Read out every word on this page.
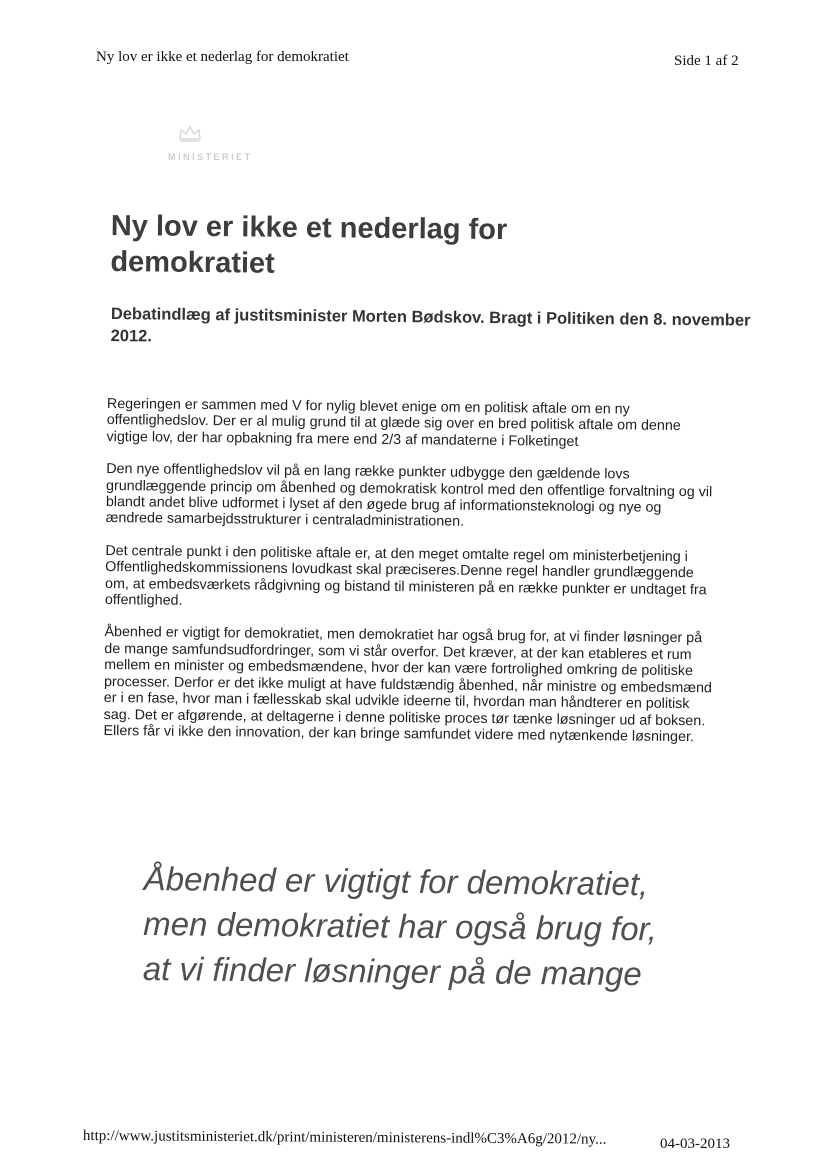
Ny lov er ikke et nederlag for demokratiet	Side 1 af 2
MINISTERIET
Ny lov er ikke et nederlag for demokratiet
Debatindlæg af justitsminister Morten Bødskov. Bragt i Politiken den 8. november 2012.

Regeringen er sammen med V for nylig blevet enige om en politisk aftale om en ny offentlighedslov. Der er al mulig grund til at glæde sig over en bred politisk aftale om denne vigtige lov, der har opbakning fra mere end 2/3 af mandaterne i Folketinget

Den nye offentlighedslov vil på en lang række punkter udbygge den gældende lovs grundlæggende princip om åbenhed og demokratisk kontrol med den offentlige forvaltning og vil blandt andet blive udformet i lyset af den øgede brug af informationsteknologi og nye og ændrede samarbejdsstrukturer i centraladministrationen.

Det centrale punkt i den politiske aftale er, at den meget omtalte regel om ministerbetjening i Offentlighedskommissionens lovudkast skal præciseres.Denne regel handler grundlæggende om, at embedsværkets rådgivning og bistand til ministeren på en række punkter er undtaget fra offentlighed.

Åbenhed er vigtigt for demokratiet, men demokratiet har også brug for, at vi finder løsninger på de mange samfundsudfordringer, som vi står overfor. Det kræver, at der kan etableres et rum mellem en minister og embedsmændene, hvor der kan være fortrolighed omkring de politiske processer. Derfor er det ikke muligt at have fuldstændig åbenhed, når ministre og embedsmænd er i en fase, hvor man i fællesskab skal udvikle ideerne til, hvordan man håndterer en politisk sag. Det er afgørende, at deltagerne i denne politiske proces tør tænke løsninger ud af boksen. Ellers får vi ikke den innovation, der kan bringe samfundet videre med nytænkende løsninger.

Åbenhed er vigtigt for demokratiet,
men demokratiet har også brug for,
at vi finder løsninger på de mange
http://www.justitsministeriet.dk/print/ministeren/ministerens-indl%C3%A6g/2012/ny...	04-03-2013
